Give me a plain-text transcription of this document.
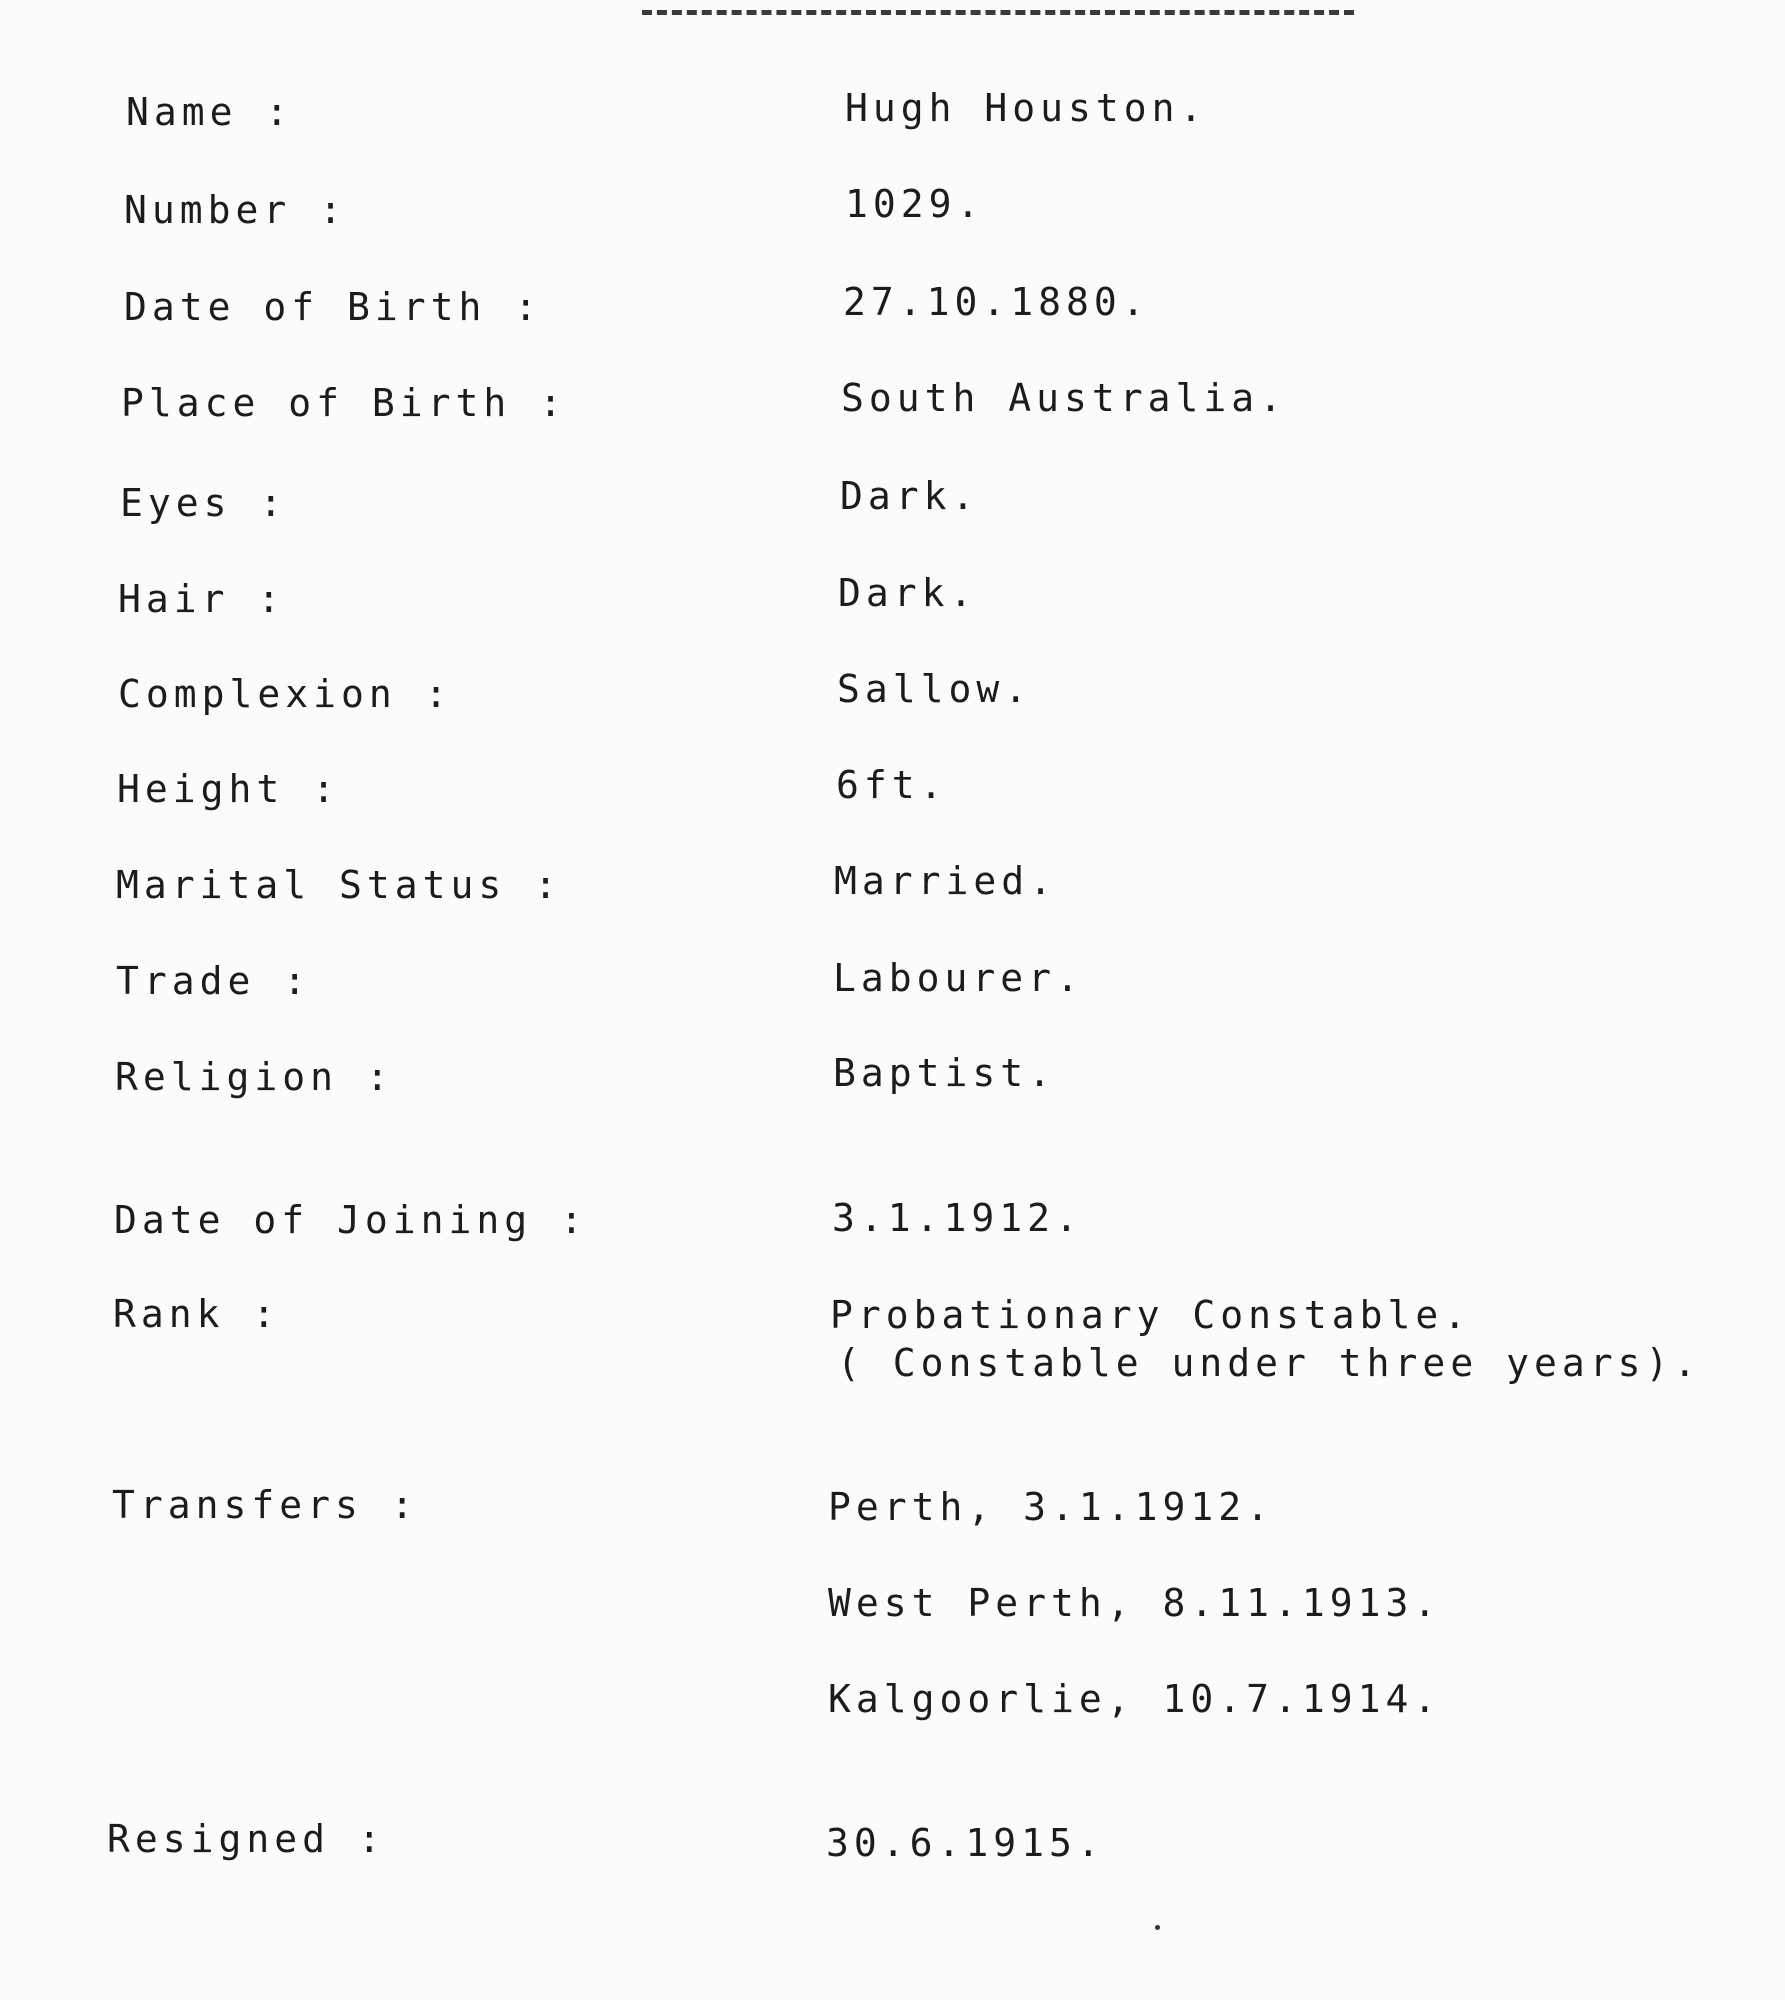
Name :	Hugh Houston.
Number :	1029.
Date of Birth :	27.10.1880.
Place of Birth :	South Australia.
Eyes :	Dark.
Hair :	Dark.
Complexion :	Sallow.
Height :	6ft.
Marital Status :	Married.
Trade :	Labourer.
Religion :	Baptist.
Date of Joining :	3.1.1912.
Rank :	Probationary Constable.
( Constable under three years).
Transfers :	Perth, 3.1.1912.
West Perth, 8.11.1913.
Kalgoorlie, 10.7.1914.
Resigned :	30.6.1915.
